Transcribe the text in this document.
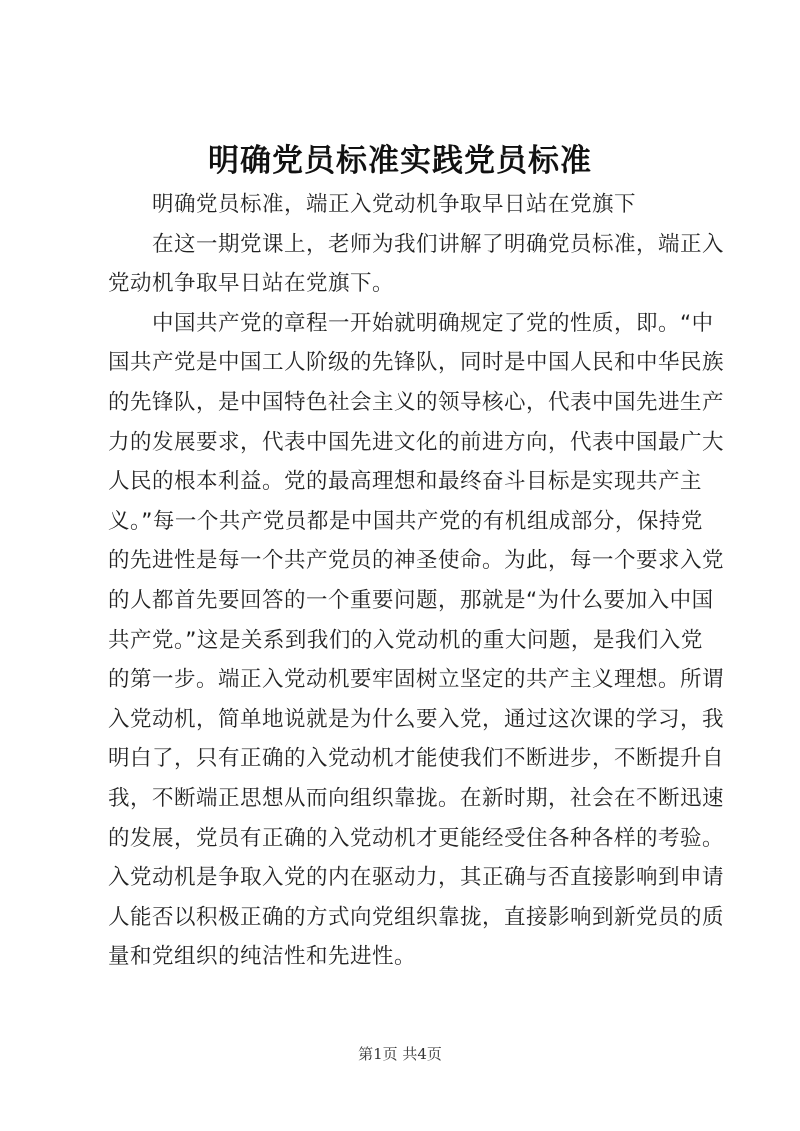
明确党员标准实践党员标准
明确党员标准，端正入党动机争取早日站在党旗下
在这一期党课上，老师为我们讲解了明确党员标准，端正入
党动机争取早日站在党旗下。
中国共产党的章程一开始就明确规定了党的性质，即。“中
国共产党是中国工人阶级的先锋队，同时是中国人民和中华民族
的先锋队，是中国特色社会主义的领导核心，代表中国先进生产
力的发展要求，代表中国先进文化的前进方向，代表中国最广大
人民的根本利益。党的最高理想和最终奋斗目标是实现共产主
义。”每一个共产党员都是中国共产党的有机组成部分，保持党
的先进性是每一个共产党员的神圣使命。为此，每一个要求入党
的人都首先要回答的一个重要问题，那就是“为什么要加入中国
共产党。”这是关系到我们的入党动机的重大问题，是我们入党
的第一步。端正入党动机要牢固树立坚定的共产主义理想。所谓
入党动机，简单地说就是为什么要入党，通过这次课的学习，我
明白了，只有正确的入党动机才能使我们不断进步，不断提升自
我，不断端正思想从而向组织靠拢。在新时期，社会在不断迅速
的发展，党员有正确的入党动机才更能经受住各种各样的考验。
入党动机是争取入党的内在驱动力，其正确与否直接影响到申请
人能否以积极正确的方式向党组织靠拢，直接影响到新党员的质
量和党组织的纯洁性和先进性。
第1页 共4页
